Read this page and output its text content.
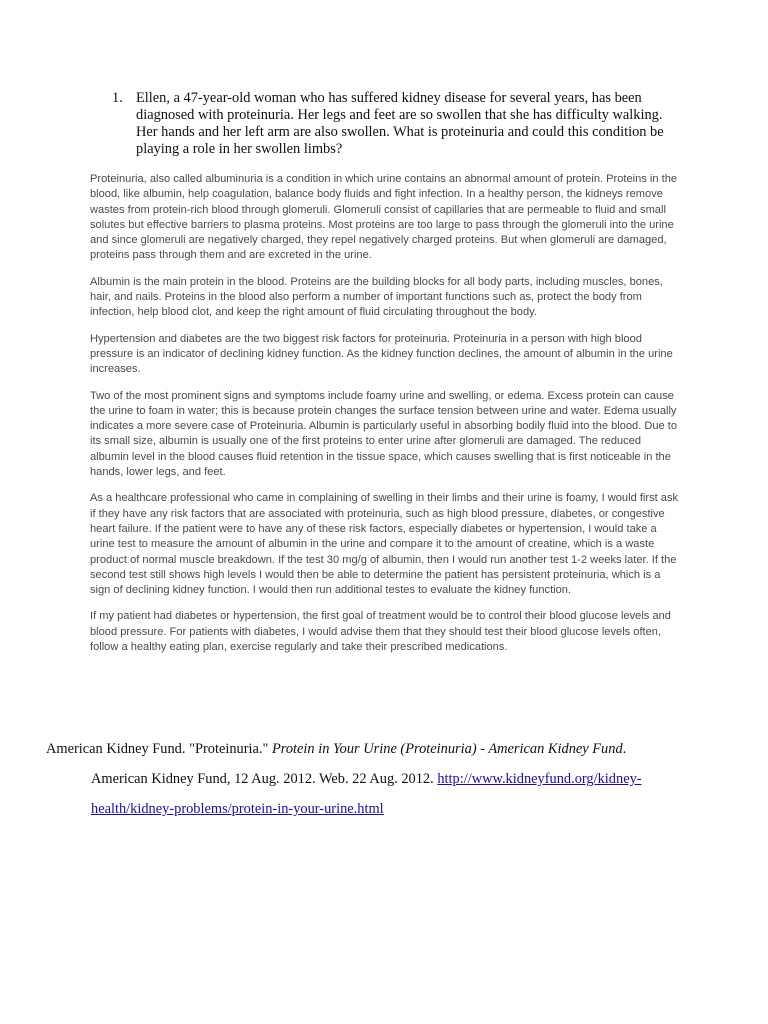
1. Ellen, a 47-year-old woman who has suffered kidney disease for several years, has been diagnosed with proteinuria. Her legs and feet are so swollen that she has difficulty walking. Her hands and her left arm are also swollen. What is proteinuria and could this condition be playing a role in her swollen limbs?

Proteinuria, also called albuminuria is a condition in which urine contains an abnormal amount of protein. Proteins in the blood, like albumin, help coagulation, balance body fluids and fight infection. In a healthy person, the kidneys remove wastes from protein-rich blood through glomeruli. Glomeruli consist of capillaries that are permeable to fluid and small solutes but effective barriers to plasma proteins. Most proteins are too large to pass through the glomeruli into the urine and since glomeruli are negatively charged, they repel negatively charged proteins. But when glomeruli are damaged, proteins pass through them and are excreted in the urine.

Albumin is the main protein in the blood. Proteins are the building blocks for all body parts, including muscles, bones, hair, and nails. Proteins in the blood also perform a number of important functions such as, protect the body from infection, help blood clot, and keep the right amount of fluid circulating throughout the body.

Hypertension and diabetes are the two biggest risk factors for proteinuria. Proteinuria in a person with high blood pressure is an indicator of declining kidney function. As the kidney function declines, the amount of albumin in the urine increases.

Two of the most prominent signs and symptoms include foamy urine and swelling, or edema. Excess protein can cause the urine to foam in water; this is because protein changes the surface tension between urine and water. Edema usually indicates a more severe case of Proteinuria. Albumin is particularly useful in absorbing bodily fluid into the blood. Due to its small size, albumin is usually one of the first proteins to enter urine after glomeruli are damaged. The reduced albumin level in the blood causes fluid retention in the tissue space, which causes swelling that is first noticeable in the hands, lower legs, and feet.

As a healthcare professional who came in complaining of swelling in their limbs and their urine is foamy, I would first ask if they have any risk factors that are associated with proteinuria, such as high blood pressure, diabetes, or congestive heart failure. If the patient were to have any of these risk factors, especially diabetes or hypertension, I would take a urine test to measure the amount of albumin in the urine and compare it to the amount of creatine, which is a waste product of normal muscle breakdown. If the test 30 mg/g of albumin, then I would run another test 1-2 weeks later. If the second test still shows high levels I would then be able to determine the patient has persistent proteinuria, which is a sign of declining kidney function. I would then run additional testes to evaluate the kidney function.

If my patient had diabetes or hypertension, the first goal of treatment would be to control their blood glucose levels and blood pressure. For patients with diabetes, I would advise them that they should test their blood glucose levels often, follow a healthy eating plan, exercise regularly and take their prescribed medications.

American Kidney Fund. "Proteinuria." Protein in Your Urine (Proteinuria) - American Kidney Fund.

American Kidney Fund, 12 Aug. 2012. Web. 22 Aug. 2012. http://www.kidneyfund.org/kidney-

health/kidney-problems/protein-in-your-urine.html
